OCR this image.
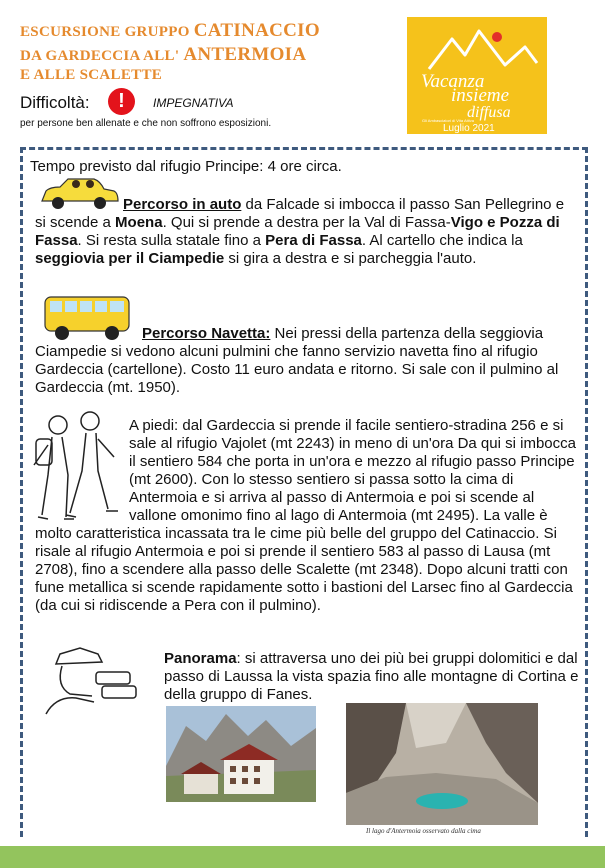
ESCURSIONE GRUPPO CATINACCIO
DA GARDECCIA ALL' ANTERMOIA
E ALLE SCALETTE
Difficoltà:	!	IMPEGNATIVA
per persone ben allenate e che non soffrono esposizioni.
Vacanza
insieme
diffusa
Gli Ambasciatori di Vita Attiva
Luglio 2021
Tempo previsto dal rifugio Principe: 4 ore circa.
Percorso in auto da Falcade si imbocca il passo San Pellegrino e si scende a Moena. Qui si prende a destra per la Val di Fassa-Vigo e Pozza di Fassa. Si resta sulla statale fino a Pera di Fassa. Al cartello che indica la seggiovia per il Ciampedie si gira a destra e si parcheggia l'auto.
Percorso Navetta: Nei pressi della partenza della seggiovia Ciampedie si vedono alcuni pulmini che fanno servizio navetta fino al rifugio Gardeccia (cartellone). Costo 11 euro andata e ritorno. Si sale con il pulmino al Gardeccia (mt. 1950).
A piedi: dal Gardeccia si prende il facile sentiero-stradina 256 e si sale al rifugio Vajolet (mt 2243) in meno di un'ora Da qui si imbocca il sentiero 584 che porta in un'ora e mezzo al rifugio passo Principe (mt 2600). Con lo stesso sentiero si passa sotto la cima di Antermoia e si arriva al passo di Antermoia e poi si scende al vallone omonimo fino al lago di Antermoia (mt 2495). La valle è molto caratteristica incassata tra le cime più belle del gruppo del Catinaccio. Si risale al rifugio Antermoia e poi si prende il sentiero 583 al passo di Lausa (mt 2708), fino a scendere alla passo delle Scalette (mt 2348). Dopo alcuni tratti con fune metallica si scende rapidamente sotto i bastioni del Larsec fino al Gardeccia (da cui si ridiscende a Pera con il pulmino).
Panorama: si attraversa uno dei più bei gruppi dolomitici e dal passo di Laussa la vista spazia fino alle montagne di Cortina e della gruppo di Fanes.
Il lago d'Antermoia osservato dalla cima
